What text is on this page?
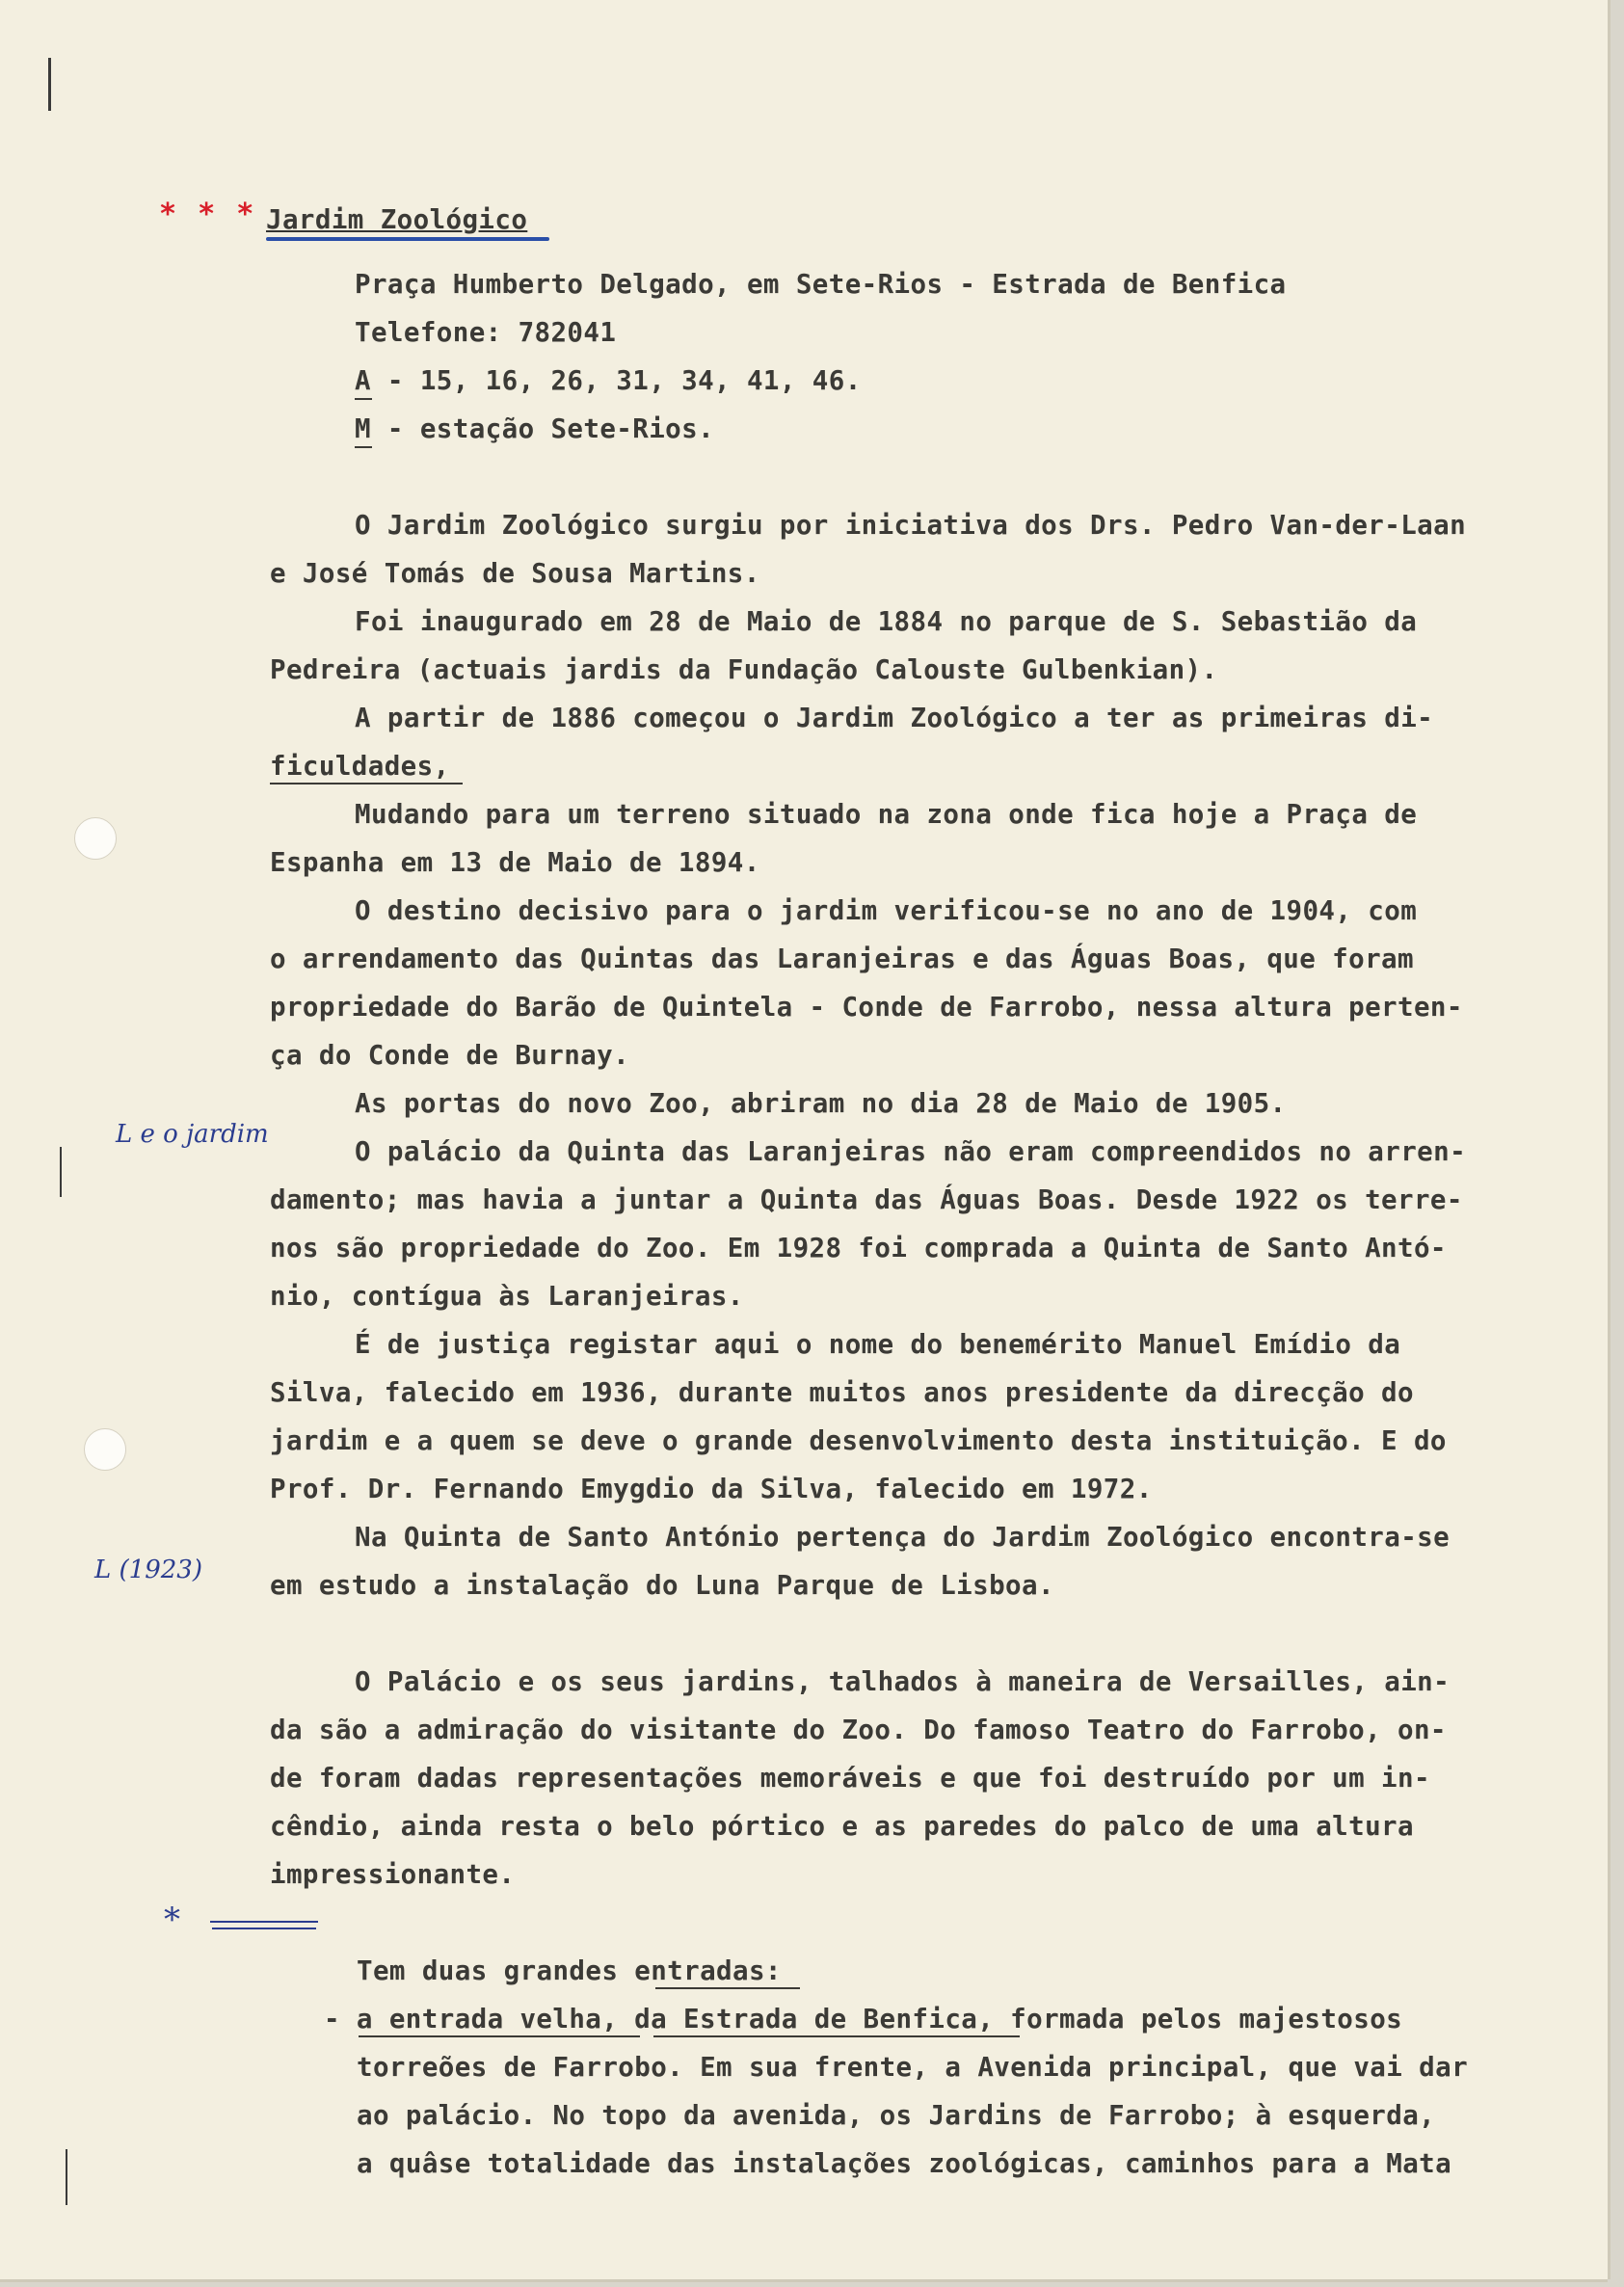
* * * Jardim Zoológico
Praça Humberto Delgado, em Sete-Rios - Estrada de Benfica
Telefone: 782041
A - 15, 16, 26, 31, 34, 41, 46.
M - estação Sete-Rios.
O Jardim Zoológico surgiu por iniciativa dos Drs. Pedro Van-der-Laan
e José Tomás de Sousa Martins.
Foi inaugurado em 28 de Maio de 1884 no parque de S. Sebastião da
Pedreira (actuais jardis da Fundação Calouste Gulbenkian).
A partir de 1886 começou o Jardim Zoológico a ter as primeiras di-
ficuldades,
Mudando para um terreno situado na zona onde fica hoje a Praça de
Espanha em 13 de Maio de 1894.
O destino decisivo para o jardim verificou-se no ano de 1904, com
o arrendamento das Quintas das Laranjeiras e das Águas Boas, que foram
propriedade do Barão de Quintela - Conde de Farrobo, nessa altura perten-
ça do Conde de Burnay.
As portas do novo Zoo, abriram no dia 28 de Maio de 1905.
O palácio da Quinta das Laranjeiras não eram compreendidos no arren-
damento; mas havia a juntar a Quinta das Águas Boas. Desde 1922 os terre-
nos são propriedade do Zoo. Em 1928 foi comprada a Quinta de Santo Antó-
nio, contígua às Laranjeiras.
É de justiça registar aqui o nome do benemérito Manuel Emídio da
Silva, falecido em 1936, durante muitos anos presidente da direcção do
jardim e a quem se deve o grande desenvolvimento desta instituição. E do
Prof. Dr. Fernando Emygdio da Silva, falecido em 1972.
Na Quinta de Santo António pertença do Jardim Zoológico encontra-se
em estudo a instalação do Luna Parque de Lisboa.
O Palácio e os seus jardins, talhados à maneira de Versailles, ain-
da são a admiração do visitante do Zoo. Do famoso Teatro do Farrobo, on-
de foram dadas representações memoráveis e que foi destruído por um in-
cêndio, ainda resta o belo pórtico e as paredes do palco de uma altura
impressionante.
Tem duas grandes entradas:
- a entrada velha, da Estrada de Benfica, formada pelos majestosos
torreões de Farrobo. Em sua frente, a Avenida principal, que vai dar
ao palácio. No topo da avenida, os Jardins de Farrobo; à esquerda,
a quâse totalidade das instalações zoológicas, caminhos para a Mata
L e o jardim
L (1923)
*
